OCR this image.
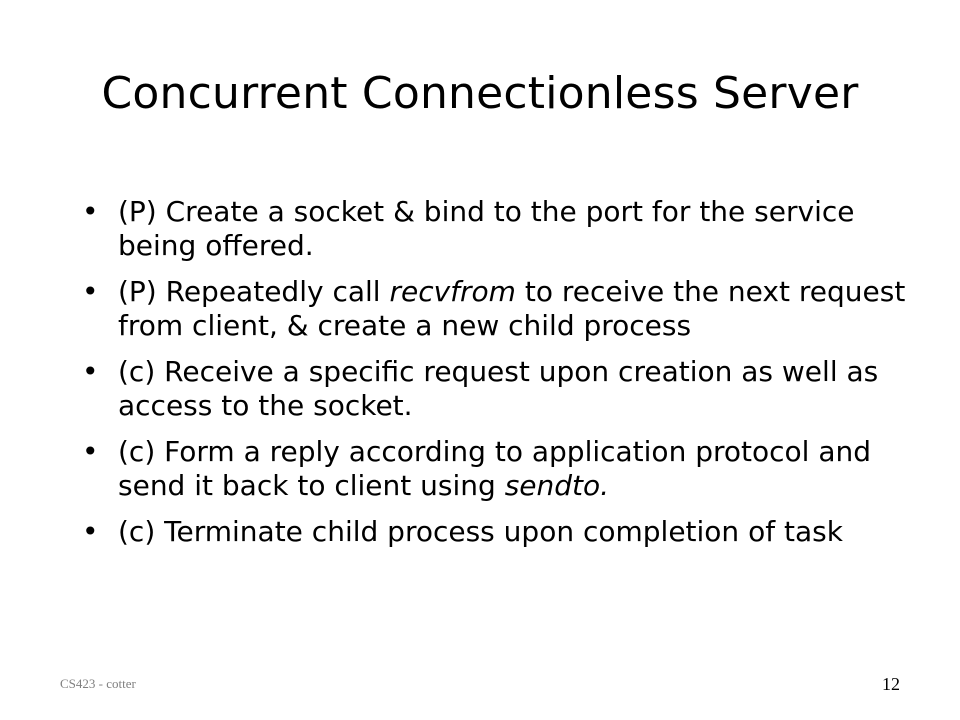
Concurrent Connectionless Server
• (P) Create a socket & bind to the port for the service being offered.
• (P) Repeatedly call recvfrom to receive the next request from client, & create a new child process
• (c) Receive a specific request upon creation as well as access to the socket.
• (c) Form a reply according to application protocol and send it back to client using sendto.
• (c) Terminate child process upon completion of task
CS423 - cotter	12
